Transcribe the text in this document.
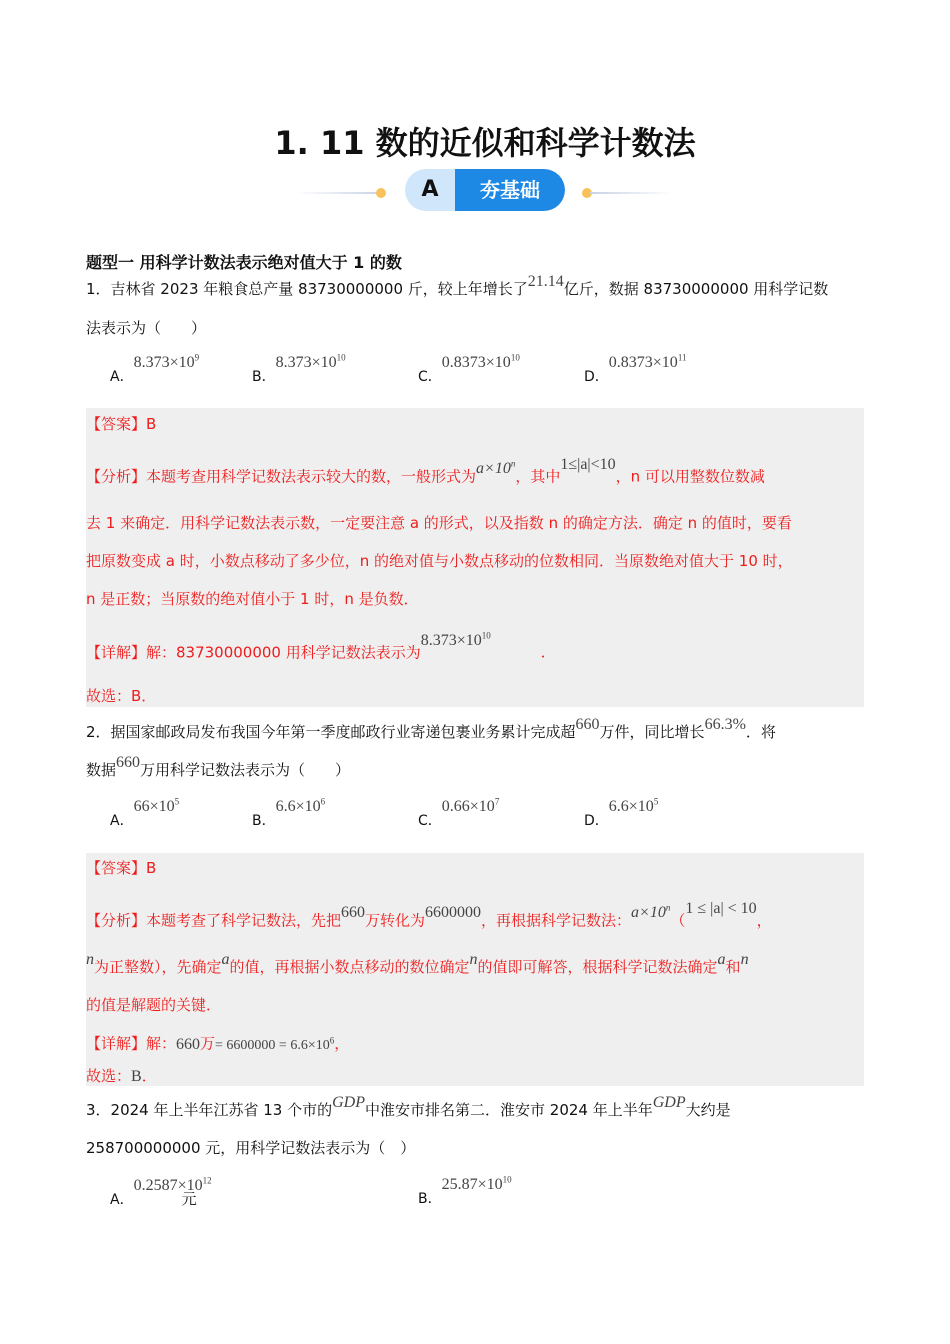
1. 11 数的近似和科学计数法
A	夯基础
题型一 用科学计数法表示绝对值大于 1 的数
1．吉林省 2023 年粮食总产量 83730000000 斤，较上年增长了21.14亿斤，数据 83730000000 用科学记数
法表示为（　　）
A．$8.373\times 10^9$
B．$8.373\times 10^{10}$
C．$0.8373\times 10^{10}$
D．$0.8373\times 10^{11}$
【答案】B
【分析】本题考查用科学记数法表示较大的数，一般形式为$a\times 10^n$，其中1≤|a|<10，n 可以用整数位数减
去 1 来确定．用科学记数法表示数，一定要注意 a 的形式，以及指数 n 的确定方法．确定 n 的值时，要看
把原数变成 a 时，小数点移动了多少位，n 的绝对值与小数点移动的位数相同．当原数绝对值大于 10 时，
n 是正数；当原数的绝对值小于 1 时，n 是负数．
【详解】解：83730000000 用科学记数法表示为$8.373\times 10^{10}$．
故选：B．
2．据国家邮政局发布我国今年第一季度邮政行业寄递包裹业务累计完成超660万件，同比增长66.3%．将
数据660万用科学记数法表示为（　　）
A．$66\times 10^5$
B．$6.6\times 10^6$
C．$0.66\times 10^7$
D．$6.6\times 10^5$
【答案】B
【分析】本题考查了科学记数法，先把660万转化为6600000，再根据科学记数法：$a\times 10^n(1 \le |a| < 10$，
n为正整数），先确定a的值，再根据小数点移动的数位确定n的值即可解答，根据科学记数法确定a和n
的值是解题的关键．
【详解】解：660万= $6600000 = 6.6\times 10^6$，
故选：B．
3．2024 年上半年江苏省 13 个市的GDP中淮安市排名第二．淮安市 2024 年上半年GDP大约是
258700000000 元，用科学记数法表示为（　）
A．$0.2587\times 10^{12}$元	B．$25.87\times 10^{10}$
